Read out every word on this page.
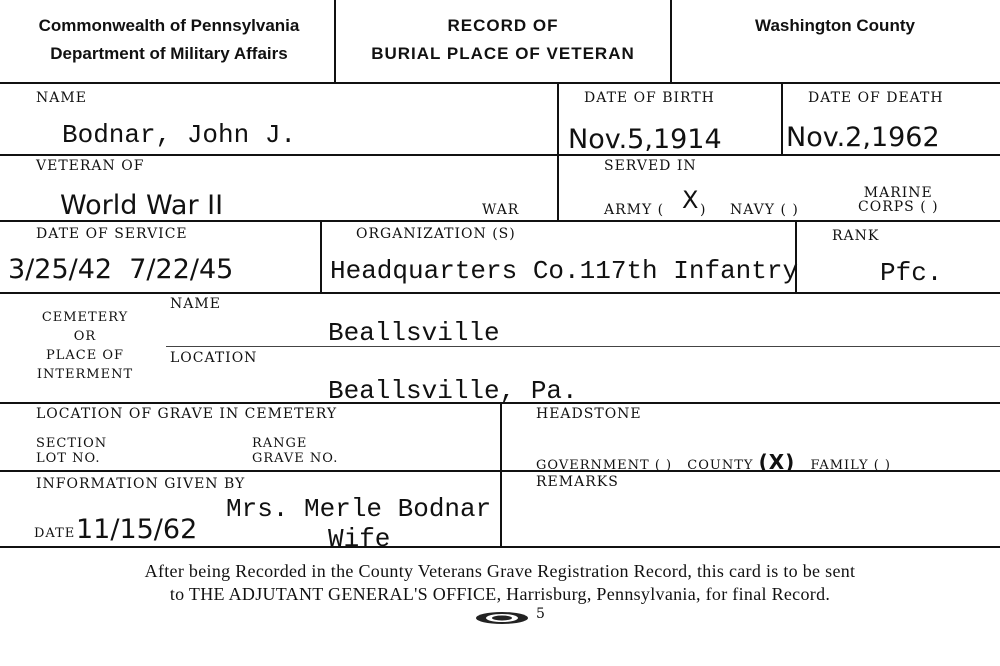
Commonwealth of Pennsylvania
Department of Military Affairs
RECORD OF
BURIAL PLACE OF VETERAN
Washington County
NAME
Bodnar, John J.
DATE OF BIRTH
Nov.5,1914
DATE OF DEATH
Nov.2,1962
VETERAN OF
World War II	WAR
SERVED IN
ARMY ( X ) NAVY ( )
MARINE
CORPS ( )
DATE OF SERVICE
3/25/42  7/22/45
ORGANIZATION (S)
Headquarters Co.117th Infantry
RANK
Pfc.
CEMETERY
OR
PLACE OF
INTERMENT
NAME
Beallsville
LOCATION
Beallsville, Pa.
LOCATION OF GRAVE IN CEMETERY
SECTION
LOT NO.
RANGE
GRAVE NO.
HEADSTONE
GOVERNMENT ( ) COUNTY (X) FAMILY ( )
INFORMATION GIVEN BY
Mrs. Merle Bodnar
Wife
DATE 11/15/62
REMARKS
After being Recorded in the County Veterans Grave Registration Record, this card is to be sent
to THE ADJUTANT GENERAL'S OFFICE, Harrisburg, Pennsylvania, for final Record.
5
